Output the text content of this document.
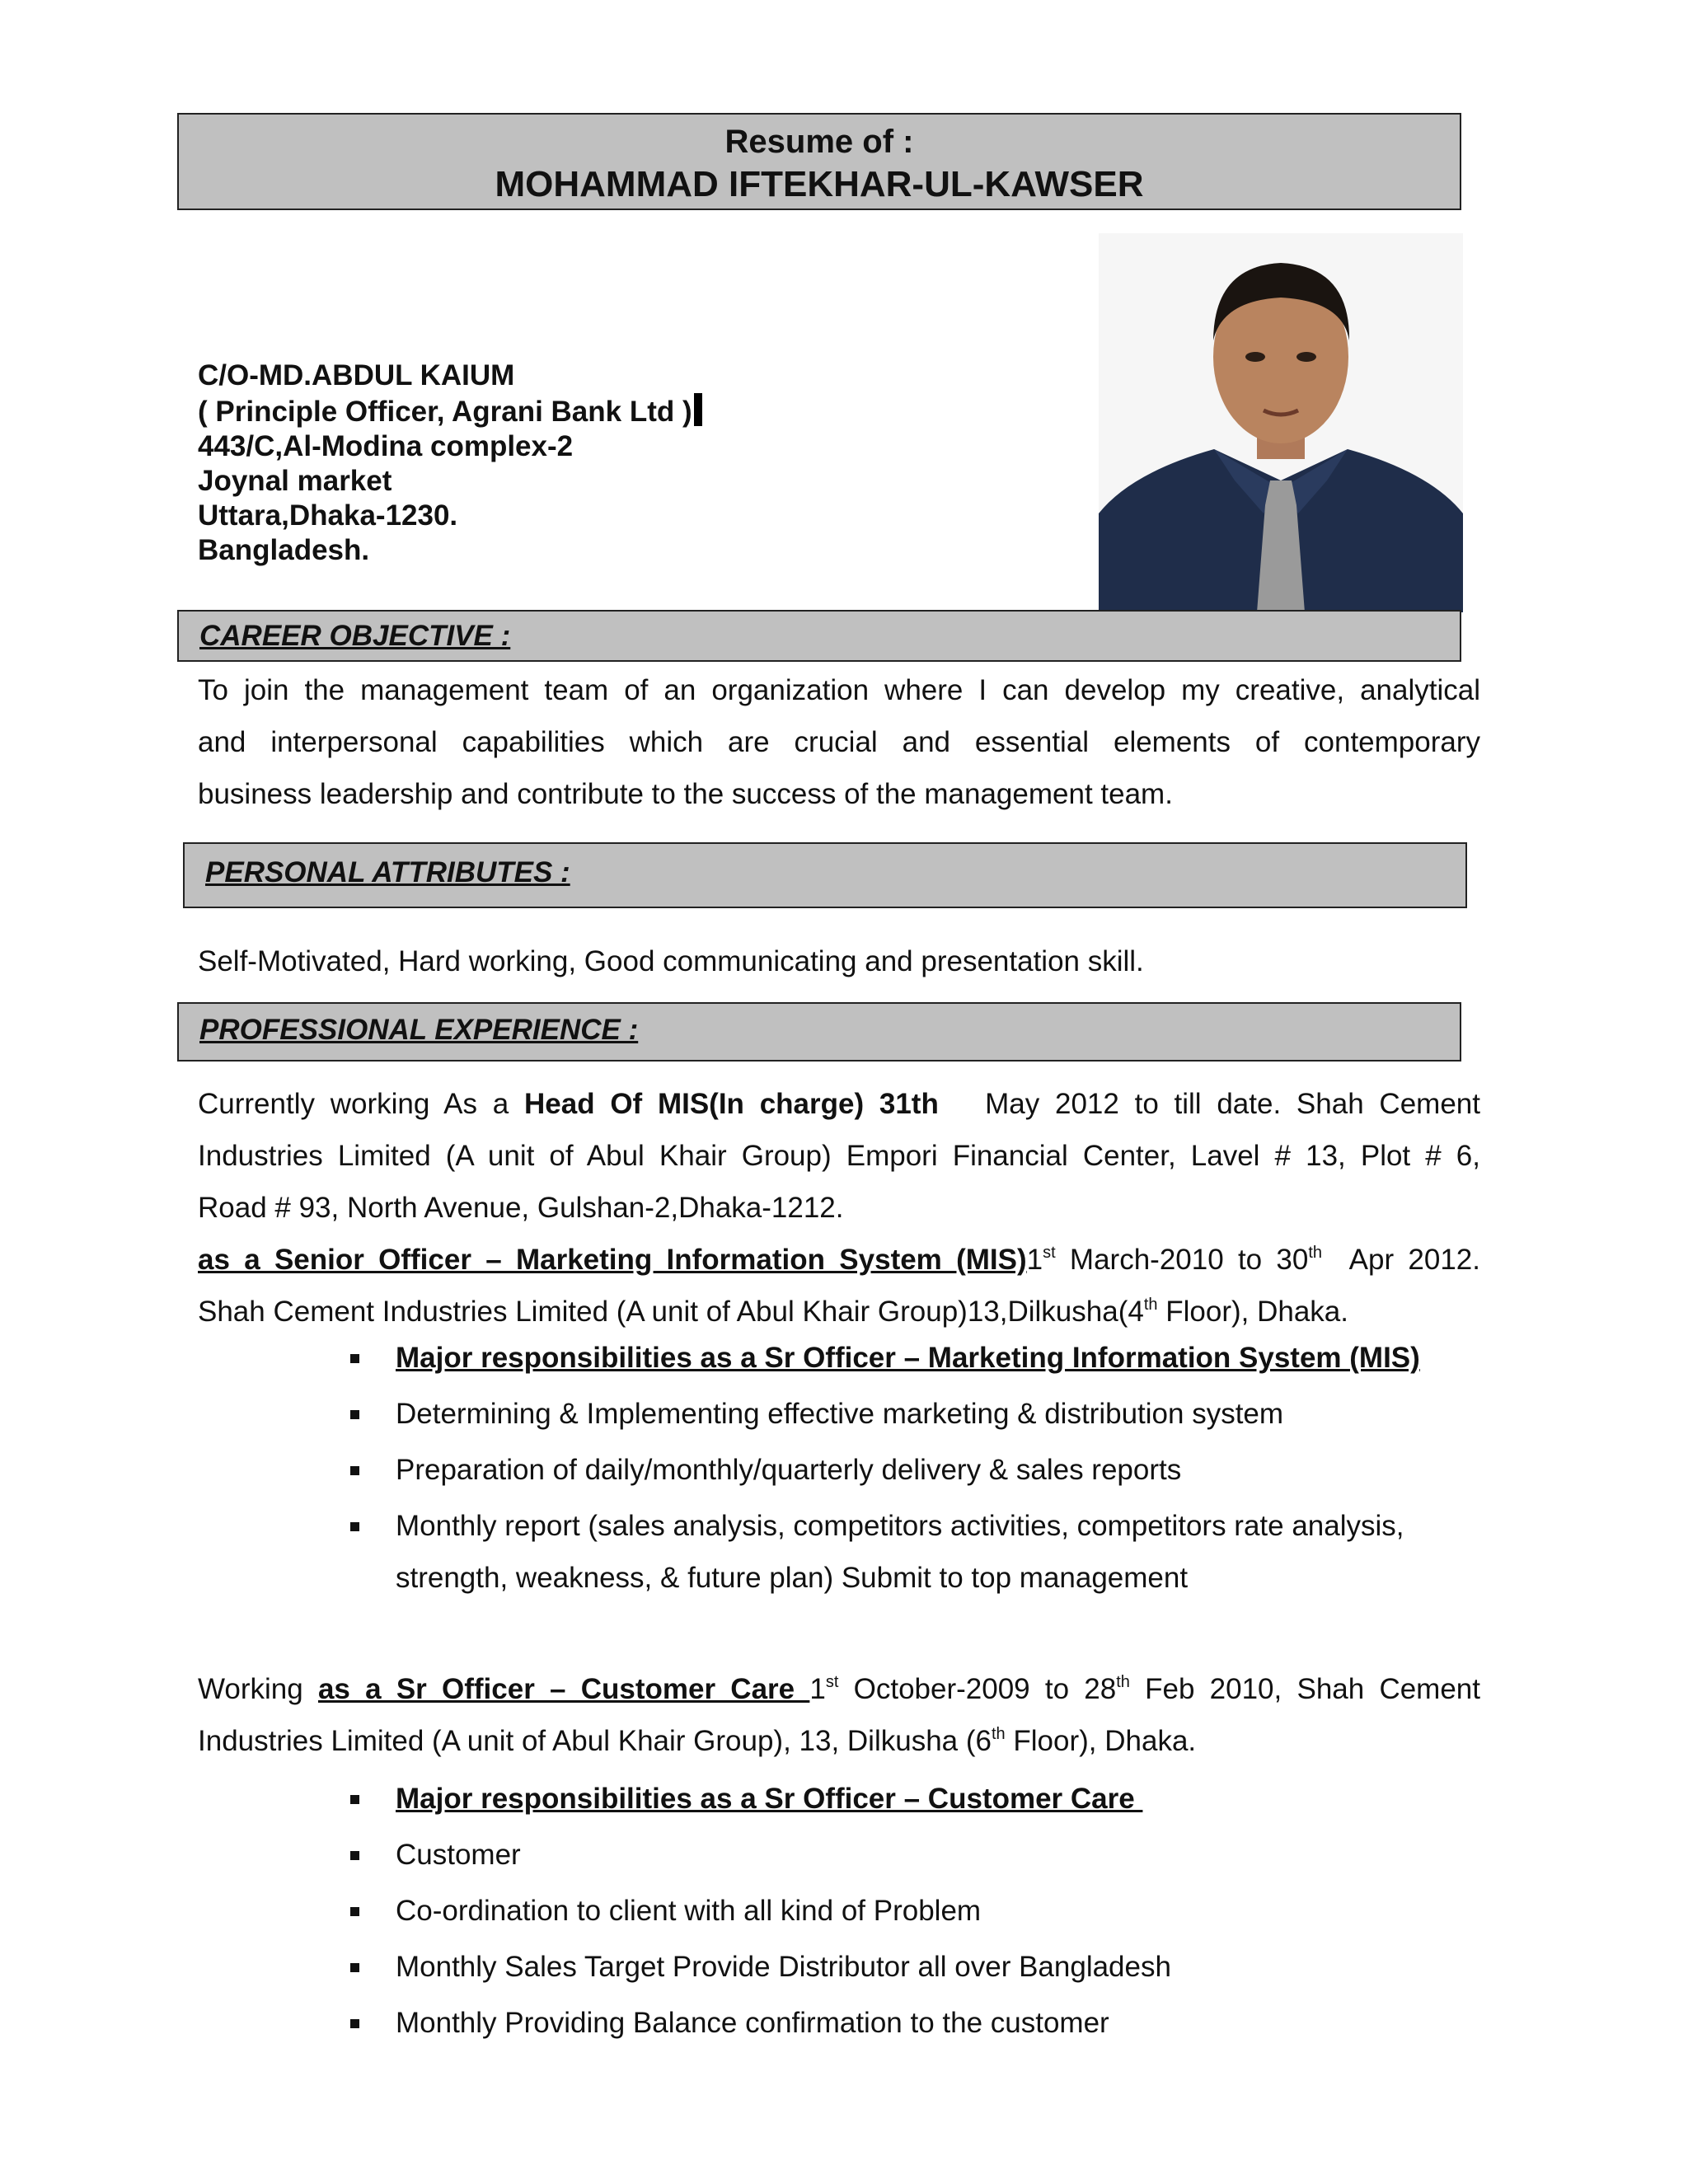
Resume of :
MOHAMMAD IFTEKHAR-UL-KAWSER
C/O-MD.ABDUL KAIUM
( Principle Officer, Agrani Bank Ltd )
443/C,Al-Modina complex-2
Joynal market
Uttara,Dhaka-1230.
Bangladesh.
CAREER OBJECTIVE :
To join the management team of an organization where I can develop my creative, analytical
and interpersonal capabilities which are crucial and essential elements of contemporary
business leadership and contribute to the success of the management team.
PERSONAL ATTRIBUTES :
Self-Motivated, Hard working, Good communicating and presentation skill.
PROFESSIONAL EXPERIENCE :
Currently working As a Head Of MIS(In charge) 31th   May 2012 to till date. Shah Cement
Industries Limited (A unit of Abul Khair Group) Empori Financial Center, Lavel # 13, Plot # 6,
Road # 93, North Avenue, Gulshan-2,Dhaka-1212.
as a Senior Officer – Marketing Information System (MIS)1st March-2010 to 30th  Apr 2012.
Shah Cement Industries Limited (A unit of Abul Khair Group)13,Dilkusha(4th Floor), Dhaka.
Major responsibilities as a Sr Officer – Marketing Information System (MIS)
Determining & Implementing effective marketing & distribution system
Preparation of daily/monthly/quarterly delivery & sales reports
Monthly report (sales analysis, competitors activities, competitors rate analysis,
strength, weakness, & future plan) Submit to top management
Working as a Sr Officer – Customer Care 1st October-2009 to 28th Feb 2010, Shah Cement
Industries Limited (A unit of Abul Khair Group), 13, Dilkusha (6th Floor), Dhaka.
Major responsibilities as a Sr Officer – Customer Care
Customer
Co-ordination to client with all kind of Problem
Monthly Sales Target Provide Distributor all over Bangladesh
Monthly Providing Balance confirmation to the customer
